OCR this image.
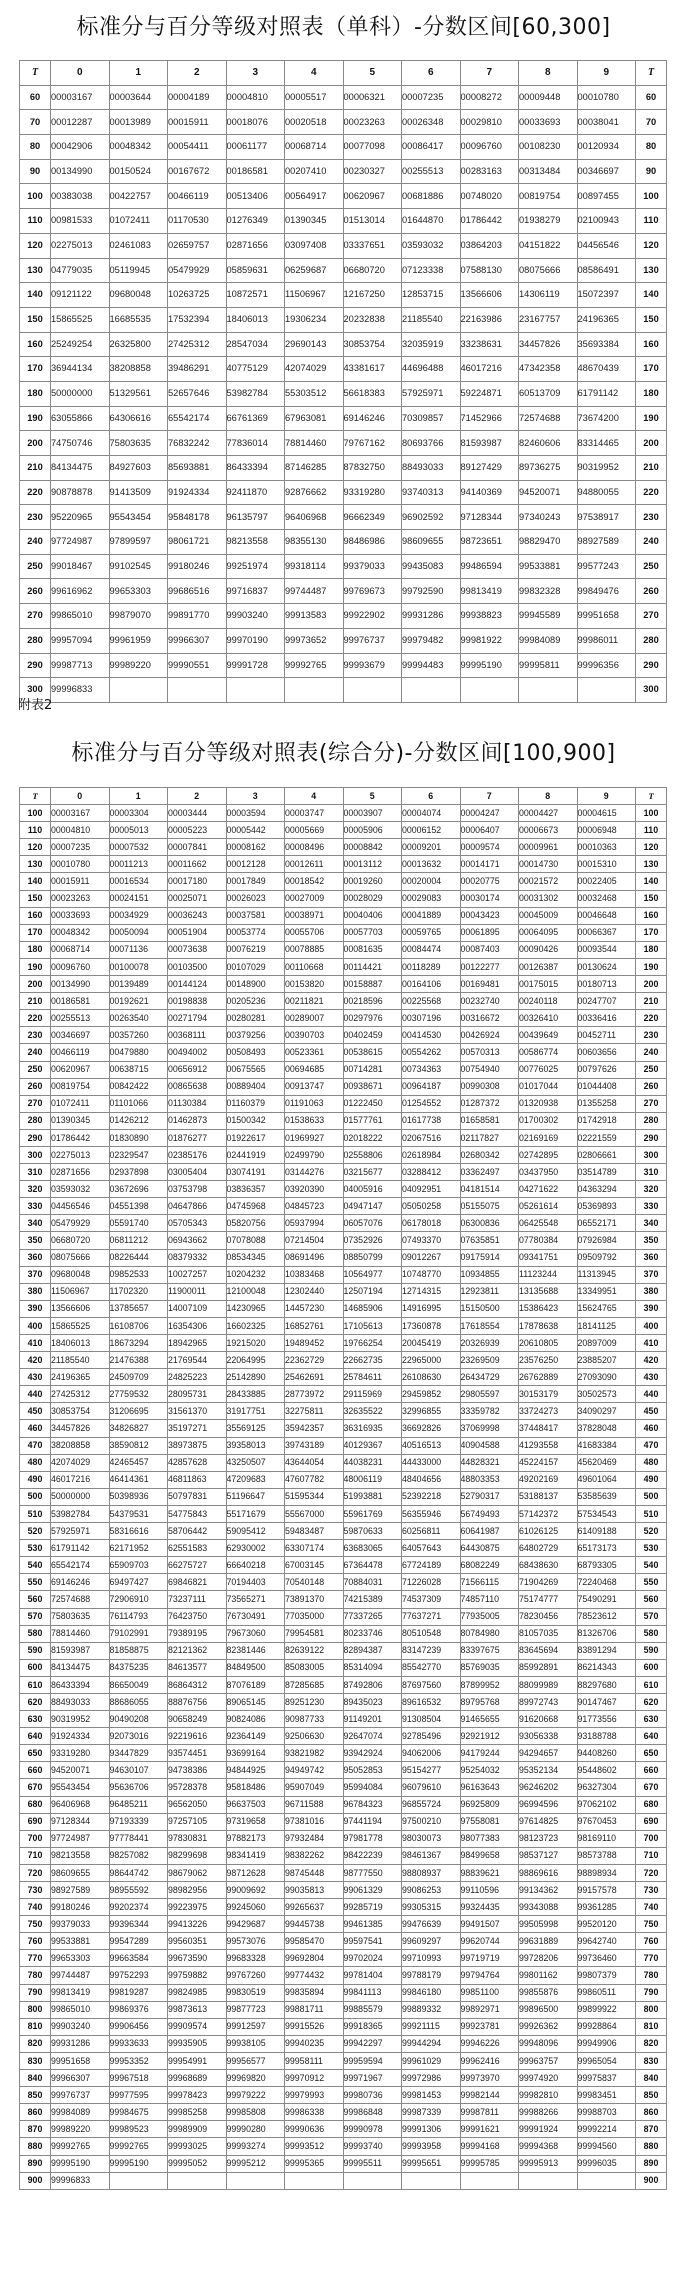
标准分与百分等级对照表（单科）-分数区间[60,300]
T	0	1	2	3	4	5	6	7	8	9	T
60	00003167	00003644	00004189	00004810	00005517	00006321	00007235	00008272	00009448	00010780	60
70	00012287	00013989	00015911	00018076	00020518	00023263	00026348	00029810	00033693	00038041	70
80	00042906	00048342	00054411	00061177	00068714	00077098	00086417	00096760	00108230	00120934	80
90	00134990	00150524	00167672	00186581	00207410	00230327	00255513	00283163	00313484	00346697	90
100	00383038	00422757	00466119	00513406	00564917	00620967	00681886	00748020	00819754	00897455	100
110	00981533	01072411	01170530	01276349	01390345	01513014	01644870	01786442	01938279	02100943	110
120	02275013	02461083	02659757	02871656	03097408	03337651	03593032	03864203	04151822	04456546	120
130	04779035	05119945	05479929	05859631	06259687	06680720	07123338	07588130	08075666	08586491	130
140	09121122	09680048	10263725	10872571	11506967	12167250	12853715	13566606	14306119	15072397	140
150	15865525	16685535	17532394	18406013	19306234	20232838	21185540	22163986	23167757	24196365	150
160	25249254	26325800	27425312	28547034	29690143	30853754	32035919	33238631	34457826	35693384	160
170	36944134	38208858	39486291	40775129	42074029	43381617	44696488	46017216	47342358	48670439	170
180	50000000	51329561	52657646	53982784	55303512	56618383	57925971	59224871	60513709	61791142	180
190	63055866	64306616	65542174	66761369	67963081	69146246	70309857	71452966	72574688	73674200	190
200	74750746	75803635	76832242	77836014	78814460	79767162	80693766	81593987	82460606	83314465	200
210	84134475	84927603	85693881	86433394	87146285	87832750	88493033	89127429	89736275	90319952	210
220	90878878	91413509	91924334	92411870	92876662	93319280	93740313	94140369	94520071	94880055	220
230	95220965	95543454	95848178	96135797	96406968	96662349	96902592	97128344	97340243	97538917	230
240	97724987	97899597	98061721	98213558	98355130	98486986	98609655	98723651	98829470	98927589	240
250	99018467	99102545	99180246	99251974	99318114	99379033	99435083	99486594	99533881	99577243	250
260	99616962	99653303	99686516	99716837	99744487	99769673	99792590	99813419	99832328	99849476	260
270	99865010	99879070	99891770	99903240	99913583	99922902	99931286	99938823	99945589	99951658	270
280	99957094	99961959	99966307	99970190	99973652	99976737	99979482	99981922	99984089	99986011	280
290	99987713	99989220	99990551	99991728	99992765	99993679	99994483	99995190	99995811	99996356	290
300	99996833										300
附表2
标准分与百分等级对照表(综合分)-分数区间[100,900]
T	0	1	2	3	4	5	6	7	8	9	T
100	00003167	00003304	00003444	00003594	00003747	00003907	00004074	00004247	00004427	00004615	100
110	00004810	00005013	00005223	00005442	00005669	00005906	00006152	00006407	00006673	00006948	110
120	00007235	00007532	00007841	00008162	00008496	00008842	00009201	00009574	00009961	00010363	120
130	00010780	00011213	00011662	00012128	00012611	00013112	00013632	00014171	00014730	00015310	130
140	00015911	00016534	00017180	00017849	00018542	00019260	00020004	00020775	00021572	00022405	140
150	00023263	00024151	00025071	00026023	00027009	00028029	00029083	00030174	00031302	00032468	150
160	00033693	00034929	00036243	00037581	00038971	00040406	00041889	00043423	00045009	00046648	160
170	00048342	00050094	00051904	00053774	00055706	00057703	00059765	00061895	00064095	00066367	170
180	00068714	00071136	00073638	00076219	00078885	00081635	00084474	00087403	00090426	00093544	180
190	00096760	00100078	00103500	00107029	00110668	00114421	00118289	00122277	00126387	00130624	190
200	00134990	00139489	00144124	00148900	00153820	00158887	00164106	00169481	00175015	00180713	200
210	00186581	00192621	00198838	00205236	00211821	00218596	00225568	00232740	00240118	00247707	210
220	00255513	00263540	00271794	00280281	00289007	00297976	00307196	00316672	00326410	00336416	220
230	00346697	00357260	00368111	00379256	00390703	00402459	00414530	00426924	00439649	00452711	230
240	00466119	00479880	00494002	00508493	00523361	00538615	00554262	00570313	00586774	00603656	240
250	00620967	00638715	00656912	00675565	00694685	00714281	00734363	00754940	00776025	00797626	250
260	00819754	00842422	00865638	00889404	00913747	00938671	00964187	00990308	01017044	01044408	260
270	01072411	01101066	01130384	01160379	01191063	01222450	01254552	01287372	01320938	01355258	270
280	01390345	01426212	01462873	01500342	01538633	01577761	01617738	01658581	01700302	01742918	280
290	01786442	01830890	01876277	01922617	01969927	02018222	02067516	02117827	02169169	02221559	290
300	02275013	02329547	02385176	02441919	02499790	02558806	02618984	02680342	02742895	02806661	300
310	02871656	02937898	03005404	03074191	03144276	03215677	03288412	03362497	03437950	03514789	310
320	03593032	03672696	03753798	03836357	03920390	04005916	04092951	04181514	04271622	04363294	320
330	04456546	04551398	04647866	04745968	04845723	04947147	05050258	05155075	05261614	05369893	330
340	05479929	05591740	05705343	05820756	05937994	06057076	06178018	06300836	06425548	06552171	340
350	06680720	06811212	06943662	07078088	07214504	07352926	07493370	07635851	07780384	07926984	350
360	08075666	08226444	08379332	08534345	08691496	08850799	09012267	09175914	09341751	09509792	360
370	09680048	09852533	10027257	10204232	10383468	10564977	10748770	10934855	11123244	11313945	370
380	11506967	11702320	11900011	12100048	12302440	12507194	12714315	12923811	13135688	13349951	380
390	13566606	13785657	14007109	14230965	14457230	14685906	14916995	15150500	15386423	15624765	390
400	15865525	16108706	16354306	16602325	16852761	17105613	17360878	17618554	17878638	18141125	400
410	18406013	18673294	18942965	19215020	19489452	19766254	20045419	20326939	20610805	20897009	410
420	21185540	21476388	21769544	22064995	22362729	22662735	22965000	23269509	23576250	23885207	420
430	24196365	24509709	24825223	25142890	25462691	25784611	26108630	26434729	26762889	27093090	430
440	27425312	27759532	28095731	28433885	28773972	29115969	29459852	29805597	30153179	30502573	440
450	30853754	31206695	31561370	31917751	32275811	32635522	32996855	33359782	33724273	34090297	450
460	34457826	34826827	35197271	35569125	35942357	36316935	36692826	37069998	37448417	37828048	460
470	38208858	38590812	38973875	39358013	39743189	40129367	40516513	40904588	41293558	41683384	470
480	42074029	42465457	42857628	43250507	43644054	44038231	44433000	44828321	45224157	45620469	480
490	46017216	46414361	46811863	47209683	47607782	48006119	48404656	48803353	49202169	49601064	490
500	50000000	50398936	50797831	51196647	51595344	51993881	52392218	52790317	53188137	53585639	500
510	53982784	54379531	54775843	55171679	55567000	55961769	56355946	56749493	57142372	57534543	510
520	57925971	58316616	58706442	59095412	59483487	59870633	60256811	60641987	61026125	61409188	520
530	61791142	62171952	62551583	62930002	63307174	63683065	64057643	64430875	64802729	65173173	530
540	65542174	65909703	66275727	66640218	67003145	67364478	67724189	68082249	68438630	68793305	540
550	69146246	69497427	69846821	70194403	70540148	70884031	71226028	71566115	71904269	72240468	550
560	72574688	72906910	73237111	73565271	73891370	74215389	74537309	74857110	75174777	75490291	560
570	75803635	76114793	76423750	76730491	77035000	77337265	77637271	77935005	78230456	78523612	570
580	78814460	79102991	79389195	79673060	79954581	80233746	80510548	80784980	81057035	81326706	580
590	81593987	81858875	82121362	82381446	82639122	82894387	83147239	83397675	83645694	83891294	590
600	84134475	84375235	84613577	84849500	85083005	85314094	85542770	85769035	85992891	86214343	600
610	86433394	86650049	86864312	87076189	87285685	87492806	87697560	87899952	88099989	88297680	610
620	88493033	88686055	88876756	89065145	89251230	89435023	89616532	89795768	89972743	90147467	620
630	90319952	90490208	90658249	90824086	90987733	91149201	91308504	91465655	91620668	91773556	630
640	91924334	92073016	92219616	92364149	92506630	92647074	92785496	92921912	93056338	93188788	640
650	93319280	93447829	93574451	93699164	93821982	93942924	94062006	94179244	94294657	94408260	650
660	94520071	94630107	94738386	94844925	94949742	95052853	95154277	95254032	95352134	95448602	660
670	95543454	95636706	95728378	95818486	95907049	95994084	96079610	96163643	96246202	96327304	670
680	96406968	96485211	96562050	96637503	96711588	96784323	96855724	96925809	96994596	97062102	680
690	97128344	97193339	97257105	97319658	97381016	97441194	97500210	97558081	97614825	97670453	690
700	97724987	97778441	97830831	97882173	97932484	97981778	98030073	98077383	98123723	98169110	700
710	98213558	98257082	98299698	98341419	98382262	98422239	98461367	98499658	98537127	98573788	710
720	98609655	98644742	98679062	98712628	98745448	98777550	98808937	98839621	98869616	98898934	720
730	98927589	98955592	98982956	99009692	99035813	99061329	99086253	99110596	99134362	99157578	730
740	99180246	99202374	99223975	99245060	99265637	99285719	99305315	99324435	99343088	99361285	740
750	99379033	99396344	99413226	99429687	99445738	99461385	99476639	99491507	99505998	99520120	750
760	99533881	99547289	99560351	99573076	99585470	99597541	99609297	99620744	99631889	99642740	760
770	99653303	99663584	99673590	99683328	99692804	99702024	99710993	99719719	99728206	99736460	770
780	99744487	99752293	99759882	99767260	99774432	99781404	99788179	99794764	99801162	99807379	780
790	99813419	99819287	99824985	99830519	99835894	99841113	99846180	99851100	99855876	99860511	790
800	99865010	99869376	99873613	99877723	99881711	99885579	99889332	99892971	99896500	99899922	800
810	99903240	99906456	99909574	99912597	99915526	99918365	99921115	99923781	99926362	99928864	810
820	99931286	99933633	99935905	99938105	99940235	99942297	99944294	99946226	99948096	99949906	820
830	99951658	99953352	99954991	99956577	99958111	99959594	99961029	99962416	99963757	99965054	830
840	99966307	99967518	99968689	99969820	99970912	99971967	99972986	99973970	99974920	99975837	840
850	99976737	99977595	99978423	99979222	99979993	99980736	99981453	99982144	99982810	99983451	850
860	99984089	99984675	99985258	99985808	99986338	99986848	99987339	99987811	99988266	99988703	860
870	99989220	99989523	99989909	99990280	99990636	99990978	99991306	99991621	99991924	99992214	870
880	99992765	99992765	99993025	99993274	99993512	99993740	99993958	99994168	99994368	99994560	880
890	99995190	99995190	99995052	99995212	99995365	99995511	99995651	99995785	99995913	99996035	890
900	99996833										900
